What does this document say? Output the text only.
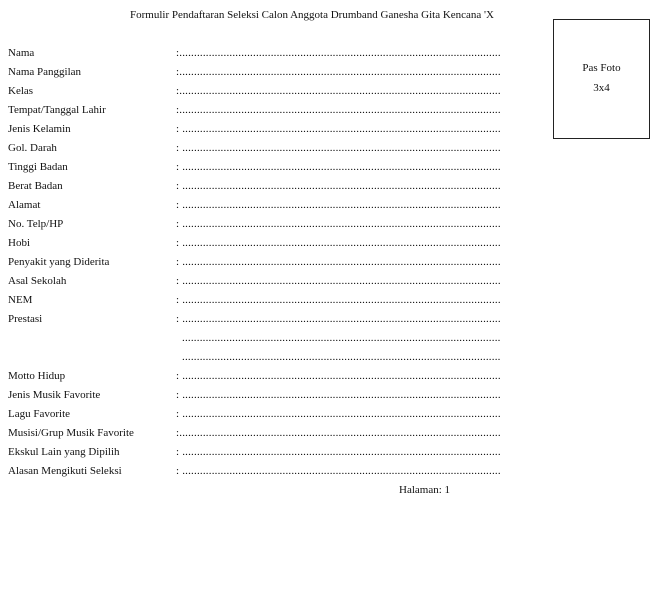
Formulir Pendaftaran Seleksi Calon Anggota Drumband Ganesha Gita Kencana 'X
Pas Foto
3x4
Nama	:.............................................................................................................
Nama Panggilan	:.............................................................................................................
Kelas	:.............................................................................................................
Tempat/Tanggal Lahir	:.............................................................................................................
Jenis Kelamin	: ............................................................................................................
Gol. Darah	: ............................................................................................................
Tinggi Badan	: ............................................................................................................
Berat Badan	: ............................................................................................................
Alamat	: ............................................................................................................
No. Telp/HP	: ............................................................................................................
Hobi	: ............................................................................................................
Penyakit yang Diderita	: ............................................................................................................
Asal Sekolah	: ............................................................................................................
NEM	: ............................................................................................................
Prestasi	: ............................................................................................................
............................................................................................................
............................................................................................................
Motto Hidup	: ............................................................................................................
Jenis Musik Favorite	: ............................................................................................................
Lagu Favorite	: ............................................................................................................
Musisi/Grup Musik Favorite	:.............................................................................................................
Ekskul Lain yang Dipilih	: ............................................................................................................
Alasan Mengikuti Seleksi	: ............................................................................................................
Halaman: 1
